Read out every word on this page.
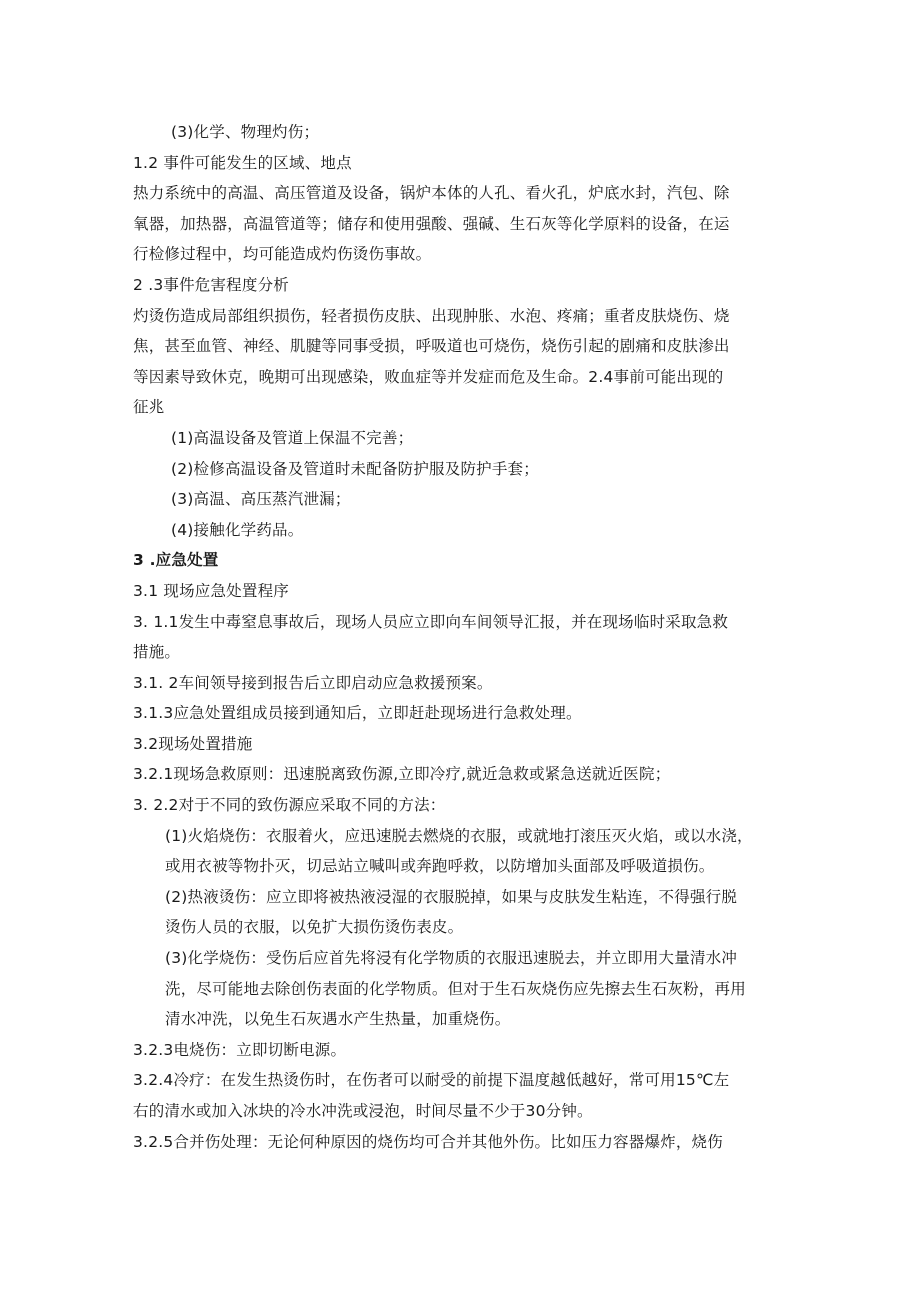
(3)化学、物理灼伤；
1.2 事件可能发生的区域、地点
热力系统中的高温、高压管道及设备，锅炉本体的人孔、看火孔，炉底水封，汽包、除
氧器，加热器，高温管道等；储存和使用强酸、强碱、生石灰等化学原料的设备，在运
行检修过程中，均可能造成灼伤烫伤事故。
2 .3事件危害程度分析
灼烫伤造成局部组织损伤，轻者损伤皮肤、出现肿胀、水泡、疼痛；重者皮肤烧伤、烧
焦，甚至血管、神经、肌腱等同事受损，呼吸道也可烧伤，烧伤引起的剧痛和皮肤渗出
等因素导致休克，晚期可出现感染，败血症等并发症而危及生命。2.4事前可能出现的
征兆
(1)高温设备及管道上保温不完善；
(2)检修高温设备及管道时未配备防护服及防护手套；
(3)高温、高压蒸汽泄漏；
(4)接触化学药品。
3 .应急处置
3.1 现场应急处置程序
3. 1.1发生中毒窒息事故后，现场人员应立即向车间领导汇报，并在现场临时采取急救
措施。
3.1. 2车间领导接到报告后立即启动应急救援预案。
3.1.3应急处置组成员接到通知后，立即赶赴现场进行急救处理。
3.2现场处置措施
3.2.1现场急救原则：迅速脱离致伤源,立即冷疗,就近急救或紧急送就近医院；
3. 2.2对于不同的致伤源应采取不同的方法：
(1)火焰烧伤：衣服着火，应迅速脱去燃烧的衣服，或就地打滚压灭火焰，或以水浇，
或用衣被等物扑灭，切忌站立喊叫或奔跑呼救，以防增加头面部及呼吸道损伤。
(2)热液烫伤：应立即将被热液浸湿的衣服脱掉，如果与皮肤发生粘连，不得强行脱
烫伤人员的衣服，以免扩大损伤烫伤表皮。
(3)化学烧伤：受伤后应首先将浸有化学物质的衣服迅速脱去，并立即用大量清水冲
洗，尽可能地去除创伤表面的化学物质。但对于生石灰烧伤应先擦去生石灰粉，再用
清水冲洗，以免生石灰遇水产生热量，加重烧伤。
3.2.3电烧伤：立即切断电源。
3.2.4冷疗：在发生热烫伤时，在伤者可以耐受的前提下温度越低越好，常可用15℃左
右的清水或加入冰块的冷水冲洗或浸泡，时间尽量不少于30分钟。
3.2.5合并伤处理：无论何种原因的烧伤均可合并其他外伤。比如压力容器爆炸，烧伤
